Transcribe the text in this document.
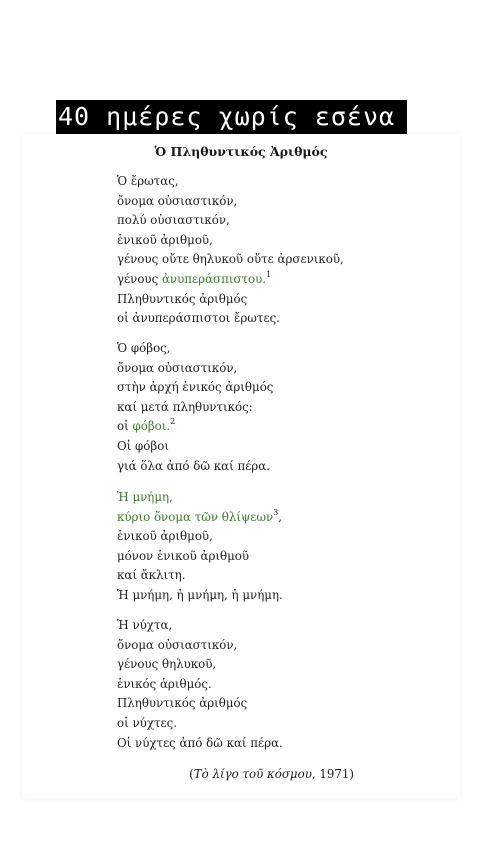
40 ημέρες χωρίς εσένα
Ὁ Πληθυντικός Ἀριθμός
Ὁ ἔρωτας,
ὄνομα οὐσιαστικόν,
πολύ οὐσιαστικόν,
ἑνικοῦ ἀριθμοῦ,
γένους οὔτε θηλυκοῦ οὔτε ἀρσενικοῦ,
γένους ἀνυπεράσπιστου.$^1$
Πληθυντικός ἀριθμός
οἱ ἀνυπεράσπιστοι ἔρωτες.
Ὁ φόβος,
ὄνομα οὐσιαστικόν,
στὴν ἀρχή ἑνικός ἀριθμός
καί μετά πληθυντικός:
οἱ φόβοι.$^2$
Οἱ φόβοι
γιά ὅλα ἀπό δῶ καί πέρα.
Ἡ μνήμη,
κύριο ὄνομα τῶν θλίψεων$^3$,
ἑνικοῦ ἀριθμοῦ,
μόνον ἑνικοῦ ἀριθμοῦ
καί ἄκλιτη.
Ἡ μνήμη, ἡ μνήμη, ἡ μνήμη.
Ἡ νύχτα,
ὄνομα οὐσιαστικόν,
γένους θηλυκοῦ,
ἑνικός ἀριθμός.
Πληθυντικός ἀριθμός
οἱ νύχτες.
Οἱ νύχτες ἀπό δῶ καί πέρα.
(Τὸ λίγο τοῦ κόσμου, 1971)
